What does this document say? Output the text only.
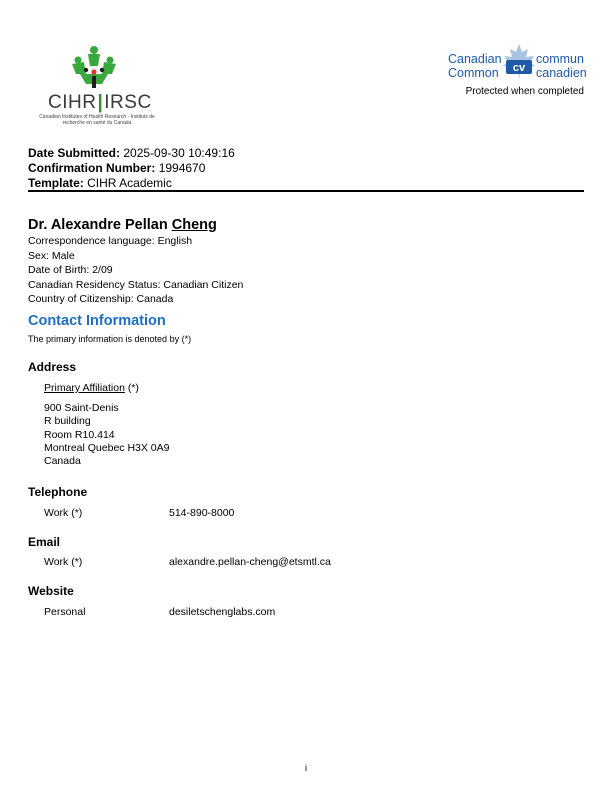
CIHR|IRSC
Canadian Institutes of Health Research · Instituts de recherche en santé du Canada
Canadian
Common cv
commun
canadien
Protected when completed
Date Submitted: 2025-09-30 10:49:16
Confirmation Number: 1994670
Template: CIHR Academic
Dr. Alexandre Pellan Cheng
Correspondence language: English
Sex: Male
Date of Birth: 2/09
Canadian Residency Status: Canadian Citizen
Country of Citizenship: Canada
Contact Information
The primary information is denoted by (*)
Address
Primary Affiliation (*)
900 Saint-Denis
R building
Room R10.414
Montreal Quebec H3X 0A9
Canada
Telephone
Work (*)	514-890-8000
Email
Work (*)	alexandre.pellan-cheng@etsmtl.ca
Website
Personal	desiletschenglabs.com
i
